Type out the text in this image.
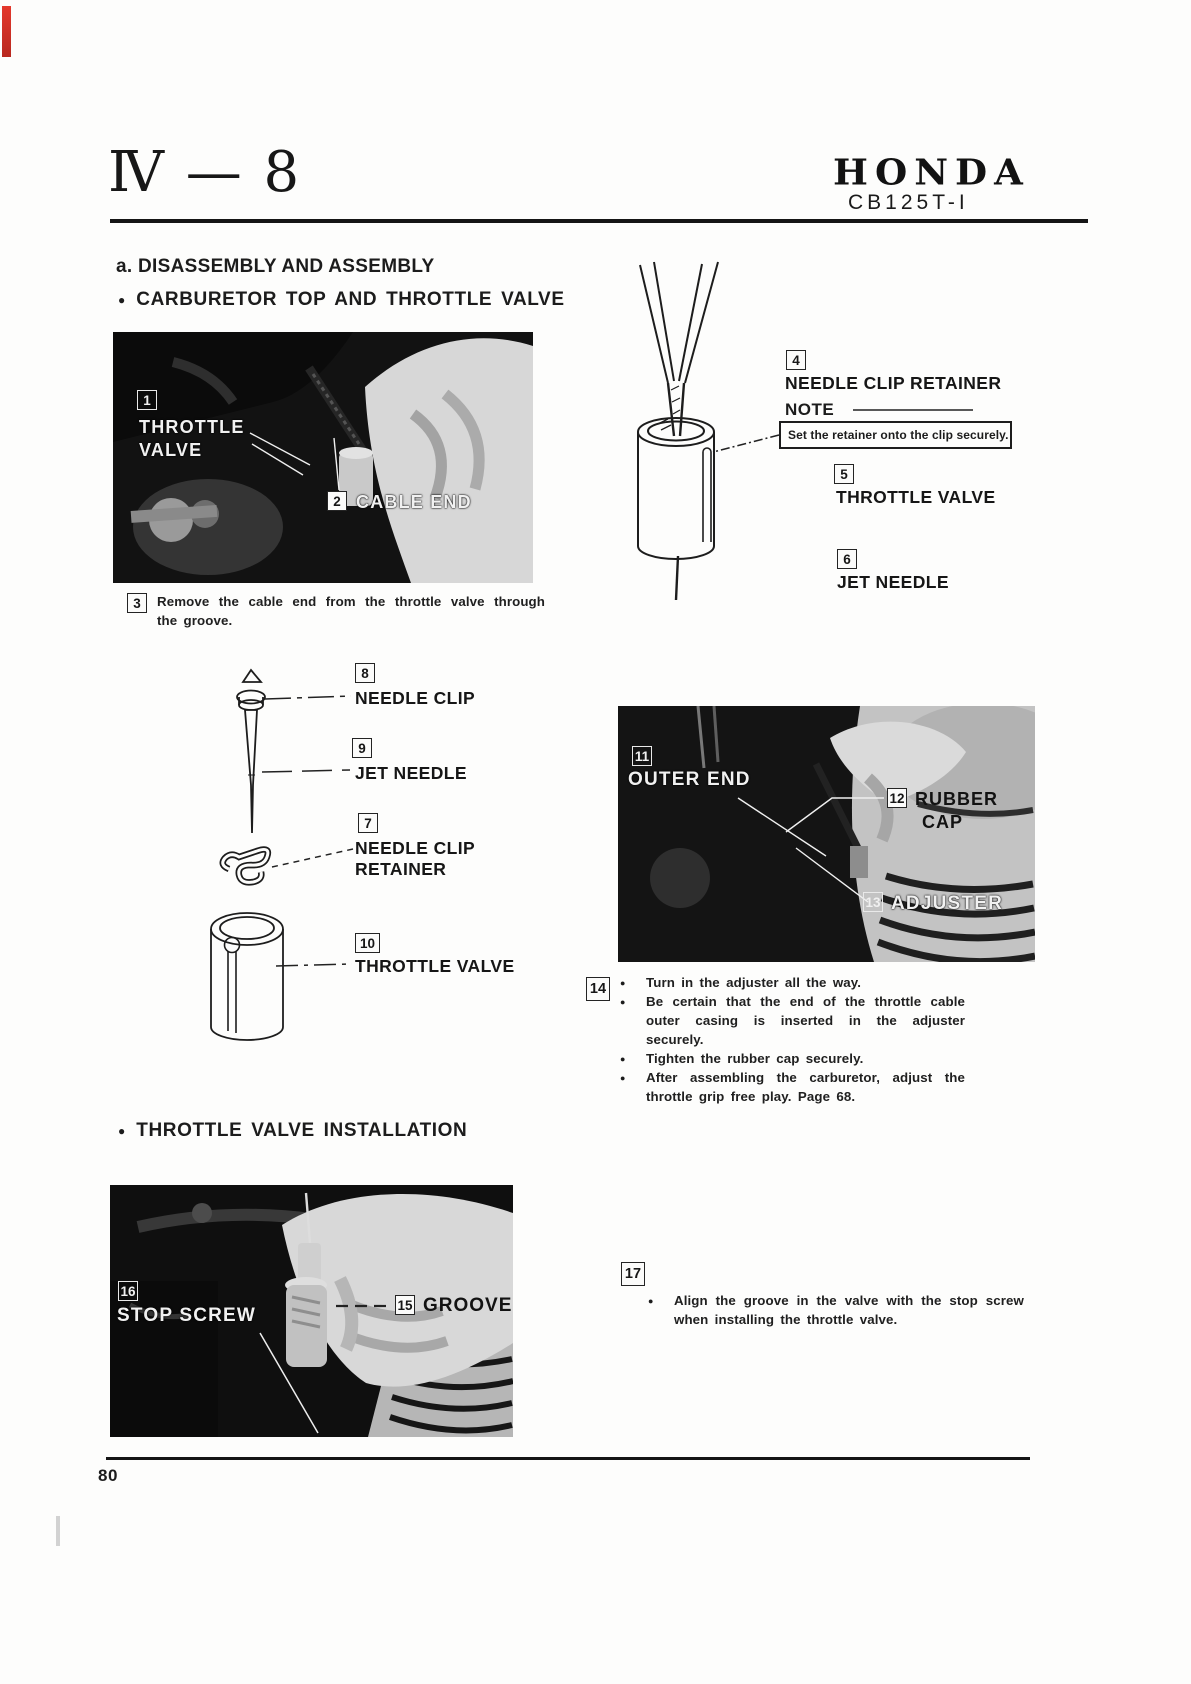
Ⅳ — 8	HONDA
CB125T-I
a. DISASSEMBLY AND ASSEMBLY
● CARBURETOR TOP AND THROTTLE VALVE
1
THROTTLE
VALVE
2 CABLE END
3	Remove the cable end from the throttle valve through the groove.
4
NEEDLE CLIP RETAINER
NOTE
Set the retainer onto the clip securely.
5
THROTTLE VALVE
6
JET NEEDLE
8
NEEDLE CLIP
9
JET NEEDLE
7
NEEDLE CLIP
RETAINER
10
THROTTLE VALVE
11
OUTER END
12 RUBBER
CAP
13 ADJUSTER
14	●	Turn in the adjuster all the way.
●	Be certain that the end of the throttle cable outer casing is inserted in the adjuster securely.
●	Tighten the rubber cap securely.
●	After assembling the carburetor, adjust the throttle grip free play. Page 68.
● THROTTLE VALVE INSTALLATION
16
STOP SCREW	15 GROOVE
17
●	Align the groove in the valve with the stop screw when installing the throttle valve.
80
